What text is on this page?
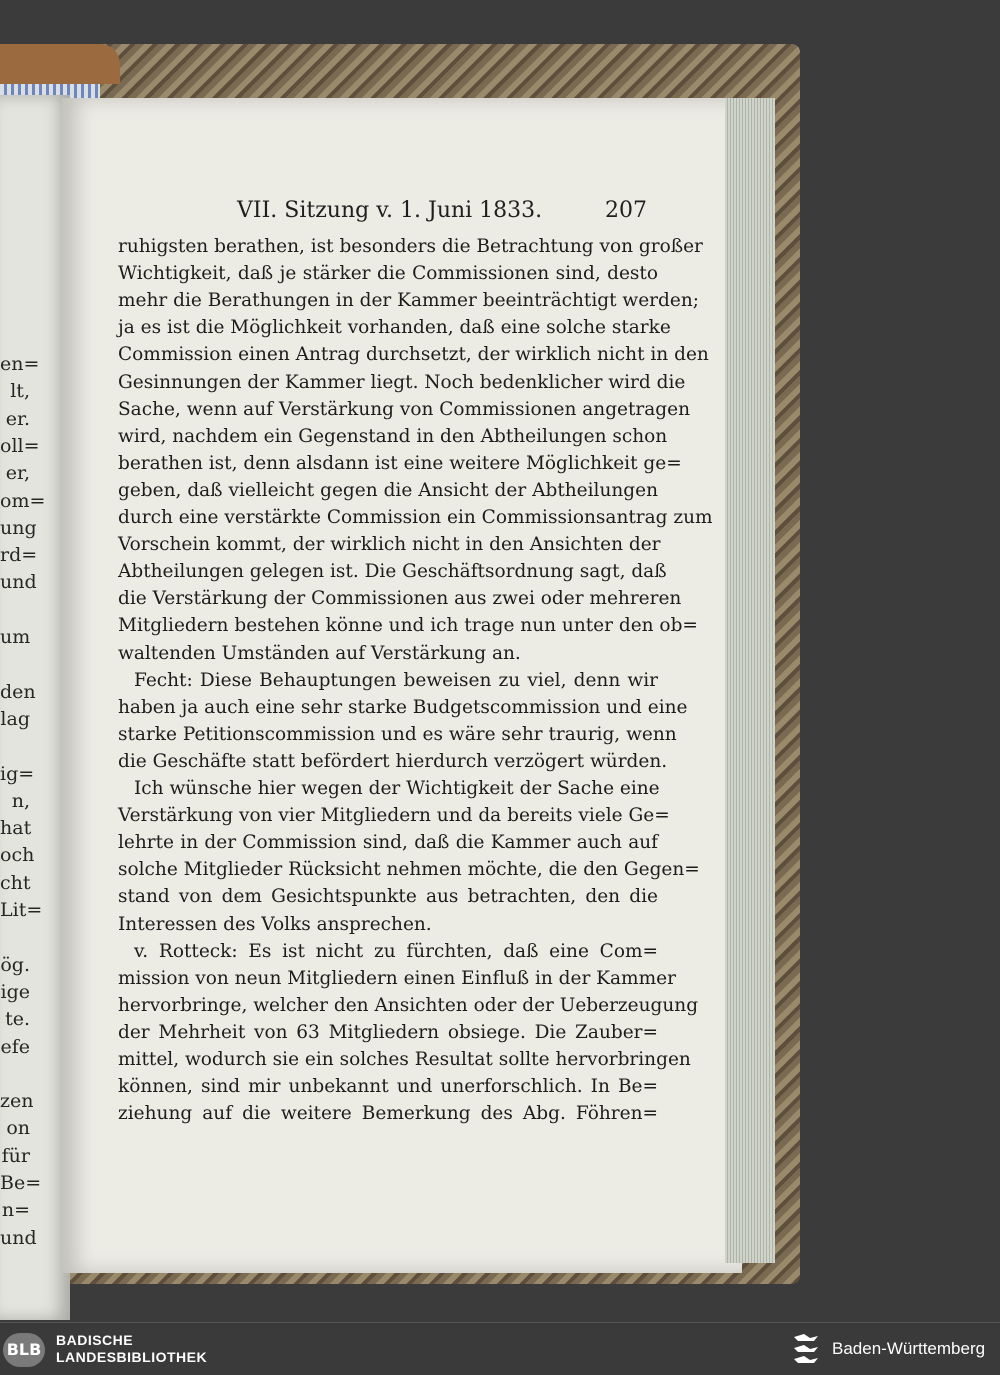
en=
lt,
er.
oll=
er,
om=
ung
rd=
und
um
den
lag
ig=
n,
hat
och
cht
Lit=
ög.
ige
te.
efe
zen
on
für
Be=
n=
und
VII. Sitzung v. 1. Juni 1833.	207
ruhigsten berathen, ist besonders die Betrachtung von großer
Wichtigkeit, daß je stärker die Commissionen sind, desto
mehr die Berathungen in der Kammer beeinträchtigt werden;
ja es ist die Möglichkeit vorhanden, daß eine solche starke
Commission einen Antrag durchsetzt, der wirklich nicht in den
Gesinnungen der Kammer liegt. Noch bedenklicher wird die
Sache, wenn auf Verstärkung von Commissionen angetragen
wird, nachdem ein Gegenstand in den Abtheilungen schon
berathen ist, denn alsdann ist eine weitere Möglichkeit ge=
geben, daß vielleicht gegen die Ansicht der Abtheilungen
durch eine verstärkte Commission ein Commissionsantrag zum
Vorschein kommt, der wirklich nicht in den Ansichten der
Abtheilungen gelegen ist. Die Geschäftsordnung sagt, daß
die Verstärkung der Commissionen aus zwei oder mehreren
Mitgliedern bestehen könne und ich trage nun unter den ob=
waltenden Umständen auf Verstärkung an.
Fecht: Diese Behauptungen beweisen zu viel, denn wir
haben ja auch eine sehr starke Budgetscommission und eine
starke Petitionscommission und es wäre sehr traurig, wenn
die Geschäfte statt befördert hierdurch verzögert würden.
Ich wünsche hier wegen der Wichtigkeit der Sache eine
Verstärkung von vier Mitgliedern und da bereits viele Ge=
lehrte in der Commission sind, daß die Kammer auch auf
solche Mitglieder Rücksicht nehmen möchte, die den Gegen=
stand von dem Gesichtspunkte aus betrachten, den die
Interessen des Volks ansprechen.
v. Rotteck: Es ist nicht zu fürchten, daß eine Com=
mission von neun Mitgliedern einen Einfluß in der Kammer
hervorbringe, welcher den Ansichten oder der Ueberzeugung
der Mehrheit von 63 Mitgliedern obsiege. Die Zauber=
mittel, wodurch sie ein solches Resultat sollte hervorbringen
können, sind mir unbekannt und unerforschlich. In Be=
ziehung auf die weitere Bemerkung des Abg. Föhren=
BLB BADISCHE
LANDESBIBLIOTHEK	Baden-Württemberg
